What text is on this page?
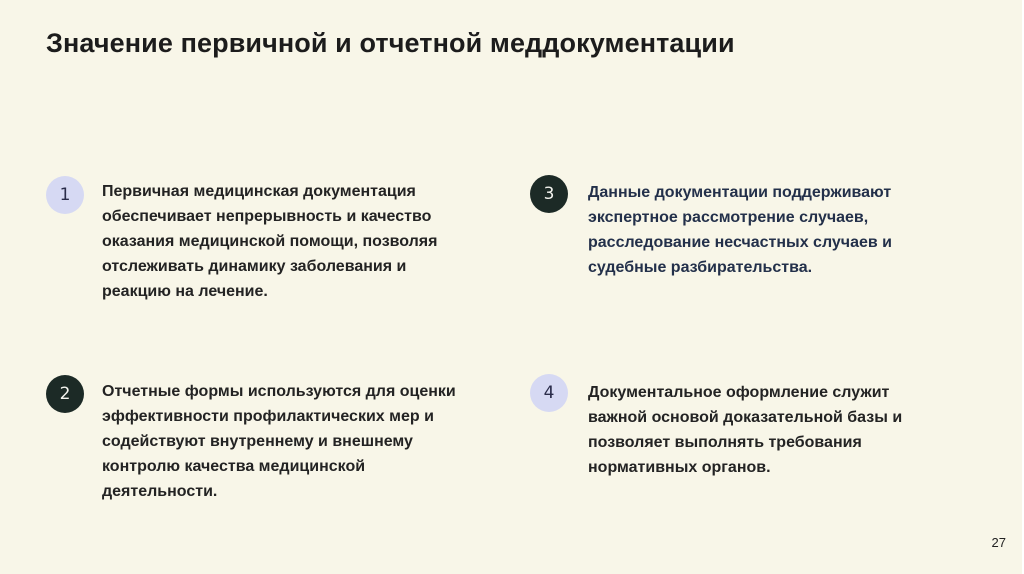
Значение первичной и отчетной меддокументации
1	Первичная медицинская документация обеспечивает непрерывность и качество оказания медицинской помощи, позволяя отслеживать динамику заболевания и реакцию на лечение.
2	Отчетные формы используются для оценки эффективности профилактических мер и содействуют внутреннему и внешнему контролю качества медицинской деятельности.
3	Данные документации поддерживают экспертное рассмотрение случаев, расследование несчастных случаев и судебные разбирательства.
4	Документальное оформление служит важной основой доказательной базы и позволяет выполнять требования нормативных органов.
27
